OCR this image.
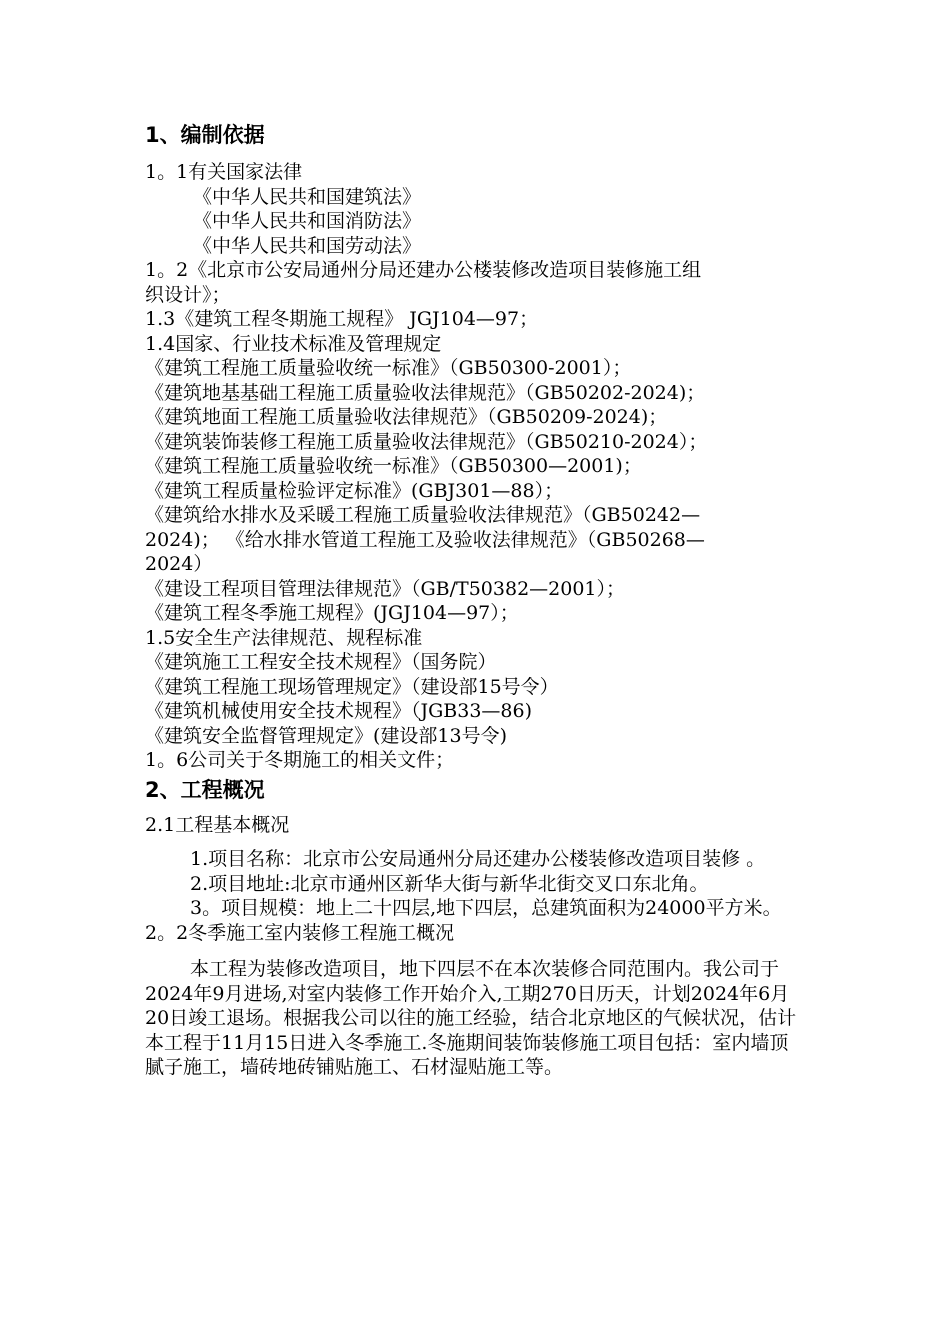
1、编制依据
1。1有关国家法律
《中华人民共和国建筑法》
《中华人民共和国消防法》
《中华人民共和国劳动法》
1。2《北京市公安局通州分局还建办公楼装修改造项目装修施工组
织设计》；
1.3《建筑工程冬期施工规程》 JGJ104—97；
1.4国家、行业技术标准及管理规定
《建筑工程施工质量验收统一标准》（GB50300-2001）；
《建筑地基基础工程施工质量验收法律规范》（GB50202-2024)；
《建筑地面工程施工质量验收法律规范》（GB50209-2024)；
《建筑装饰装修工程施工质量验收法律规范》（GB50210-2024）；
《建筑工程施工质量验收统一标准》（GB50300—2001)；
《建筑工程质量检验评定标准》(GBJ301—88）；
《建筑给水排水及采暖工程施工质量验收法律规范》（GB50242—
2024)； 《给水排水管道工程施工及验收法律规范》（GB50268—
2024）
《建设工程项目管理法律规范》（GB/T50382—2001）；
《建筑工程冬季施工规程》(JGJ104—97）；
1.5安全生产法律规范、规程标准
《建筑施工工程安全技术规程》（国务院）
《建筑工程施工现场管理规定》（建设部15号令）
《建筑机械使用安全技术规程》（JGB33—86)
《建筑安全监督管理规定》(建设部13号令)
1。6公司关于冬期施工的相关文件；
2、工程概况
2.1工程基本概况
1.项目名称：北京市公安局通州分局还建办公楼装修改造项目装修 。
2.项目地址:北京市通州区新华大街与新华北街交叉口东北角。
3。项目规模：地上二十四层,地下四层，总建筑面积为24000平方米。
2。2冬季施工室内装修工程施工概况
本工程为装修改造项目，地下四层不在本次装修合同范围内。我公司于2024年9月进场,对室内装修工作开始介入,工期270日历天，计划2024年6月20日竣工退场。根据我公司以往的施工经验，结合北京地区的气候状况，估计本工程于11月15日进入冬季施工.冬施期间装饰装修施工项目包括：室内墙顶腻子施工，墙砖地砖铺贴施工、石材湿贴施工等。
